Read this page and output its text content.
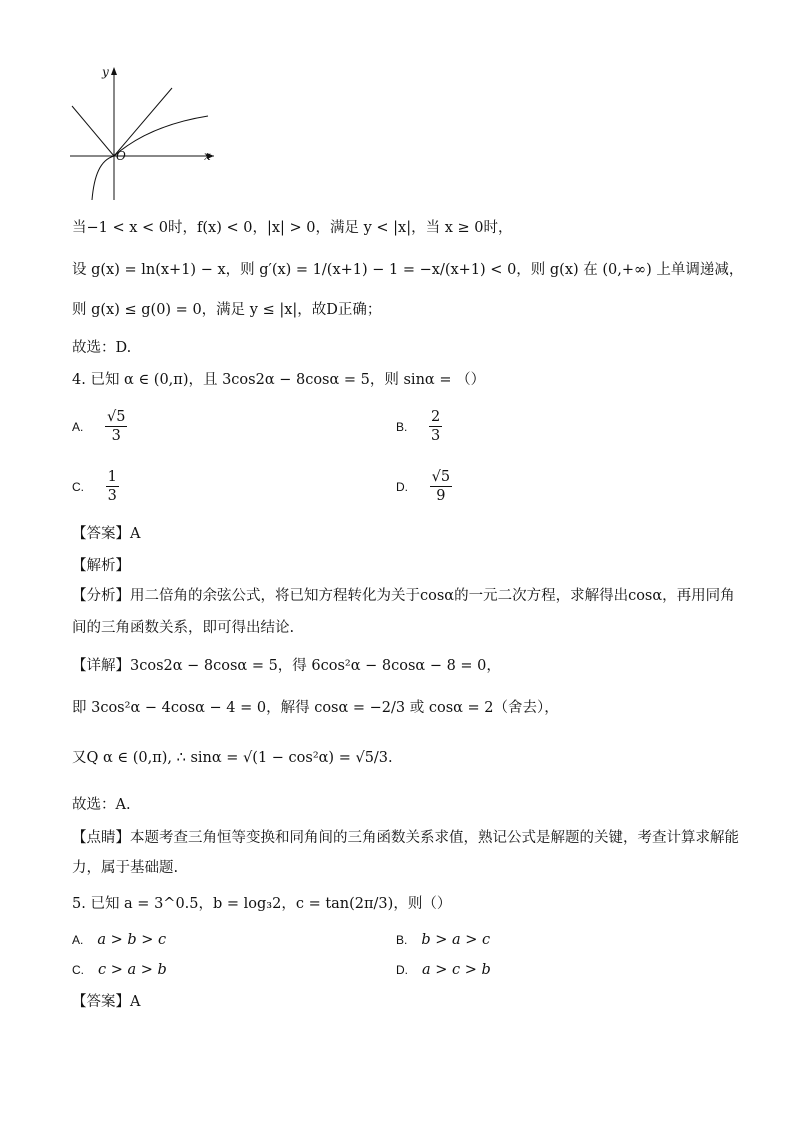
y
x
O
当−1 < x < 0时，f(x) < 0，|x| > 0，满足 y < |x|，当 x ≥ 0时，
设 g(x) = ln(x+1) − x，则 g′(x) = 1/(x+1) − 1 = −x/(x+1) < 0，则 g(x) 在 (0,+∞) 上单调递减，
则 g(x) ≤ g(0) = 0，满足 y ≤ |x|，故D正确；
故选：D.
4. 已知 α ∈ (0,π)，且 3cos2α − 8cosα = 5，则 sinα = （）
A. $\frac{√5}{3}$	B. $\frac{2}{3}$
C. $\frac{1}{3}$	D. $\frac{√5}{9}$
【答案】A
【解析】
【分析】用二倍角的余弦公式，将已知方程转化为关于cosα的一元二次方程，求解得出cosα，再用同角
间的三角函数关系，即可得出结论.
【详解】3cos2α − 8cosα = 5，得 6cos²α − 8cosα − 8 = 0，
即 3cos²α − 4cosα − 4 = 0，解得 cosα = −2/3 或 cosα = 2（舍去），
又Q α ∈ (0,π), ∴ sinα = √(1 − cos²α) = √5/3.
故选：A.
【点睛】本题考查三角恒等变换和同角间的三角函数关系求值，熟记公式是解题的关键，考查计算求解能
力，属于基础题.
5. 已知 a = 3^0.5，b = log₃2，c = tan(2π/3)，则（）
A. a > b > c	B. b > a > c
C. c > a > b	D. a > c > b
【答案】A
